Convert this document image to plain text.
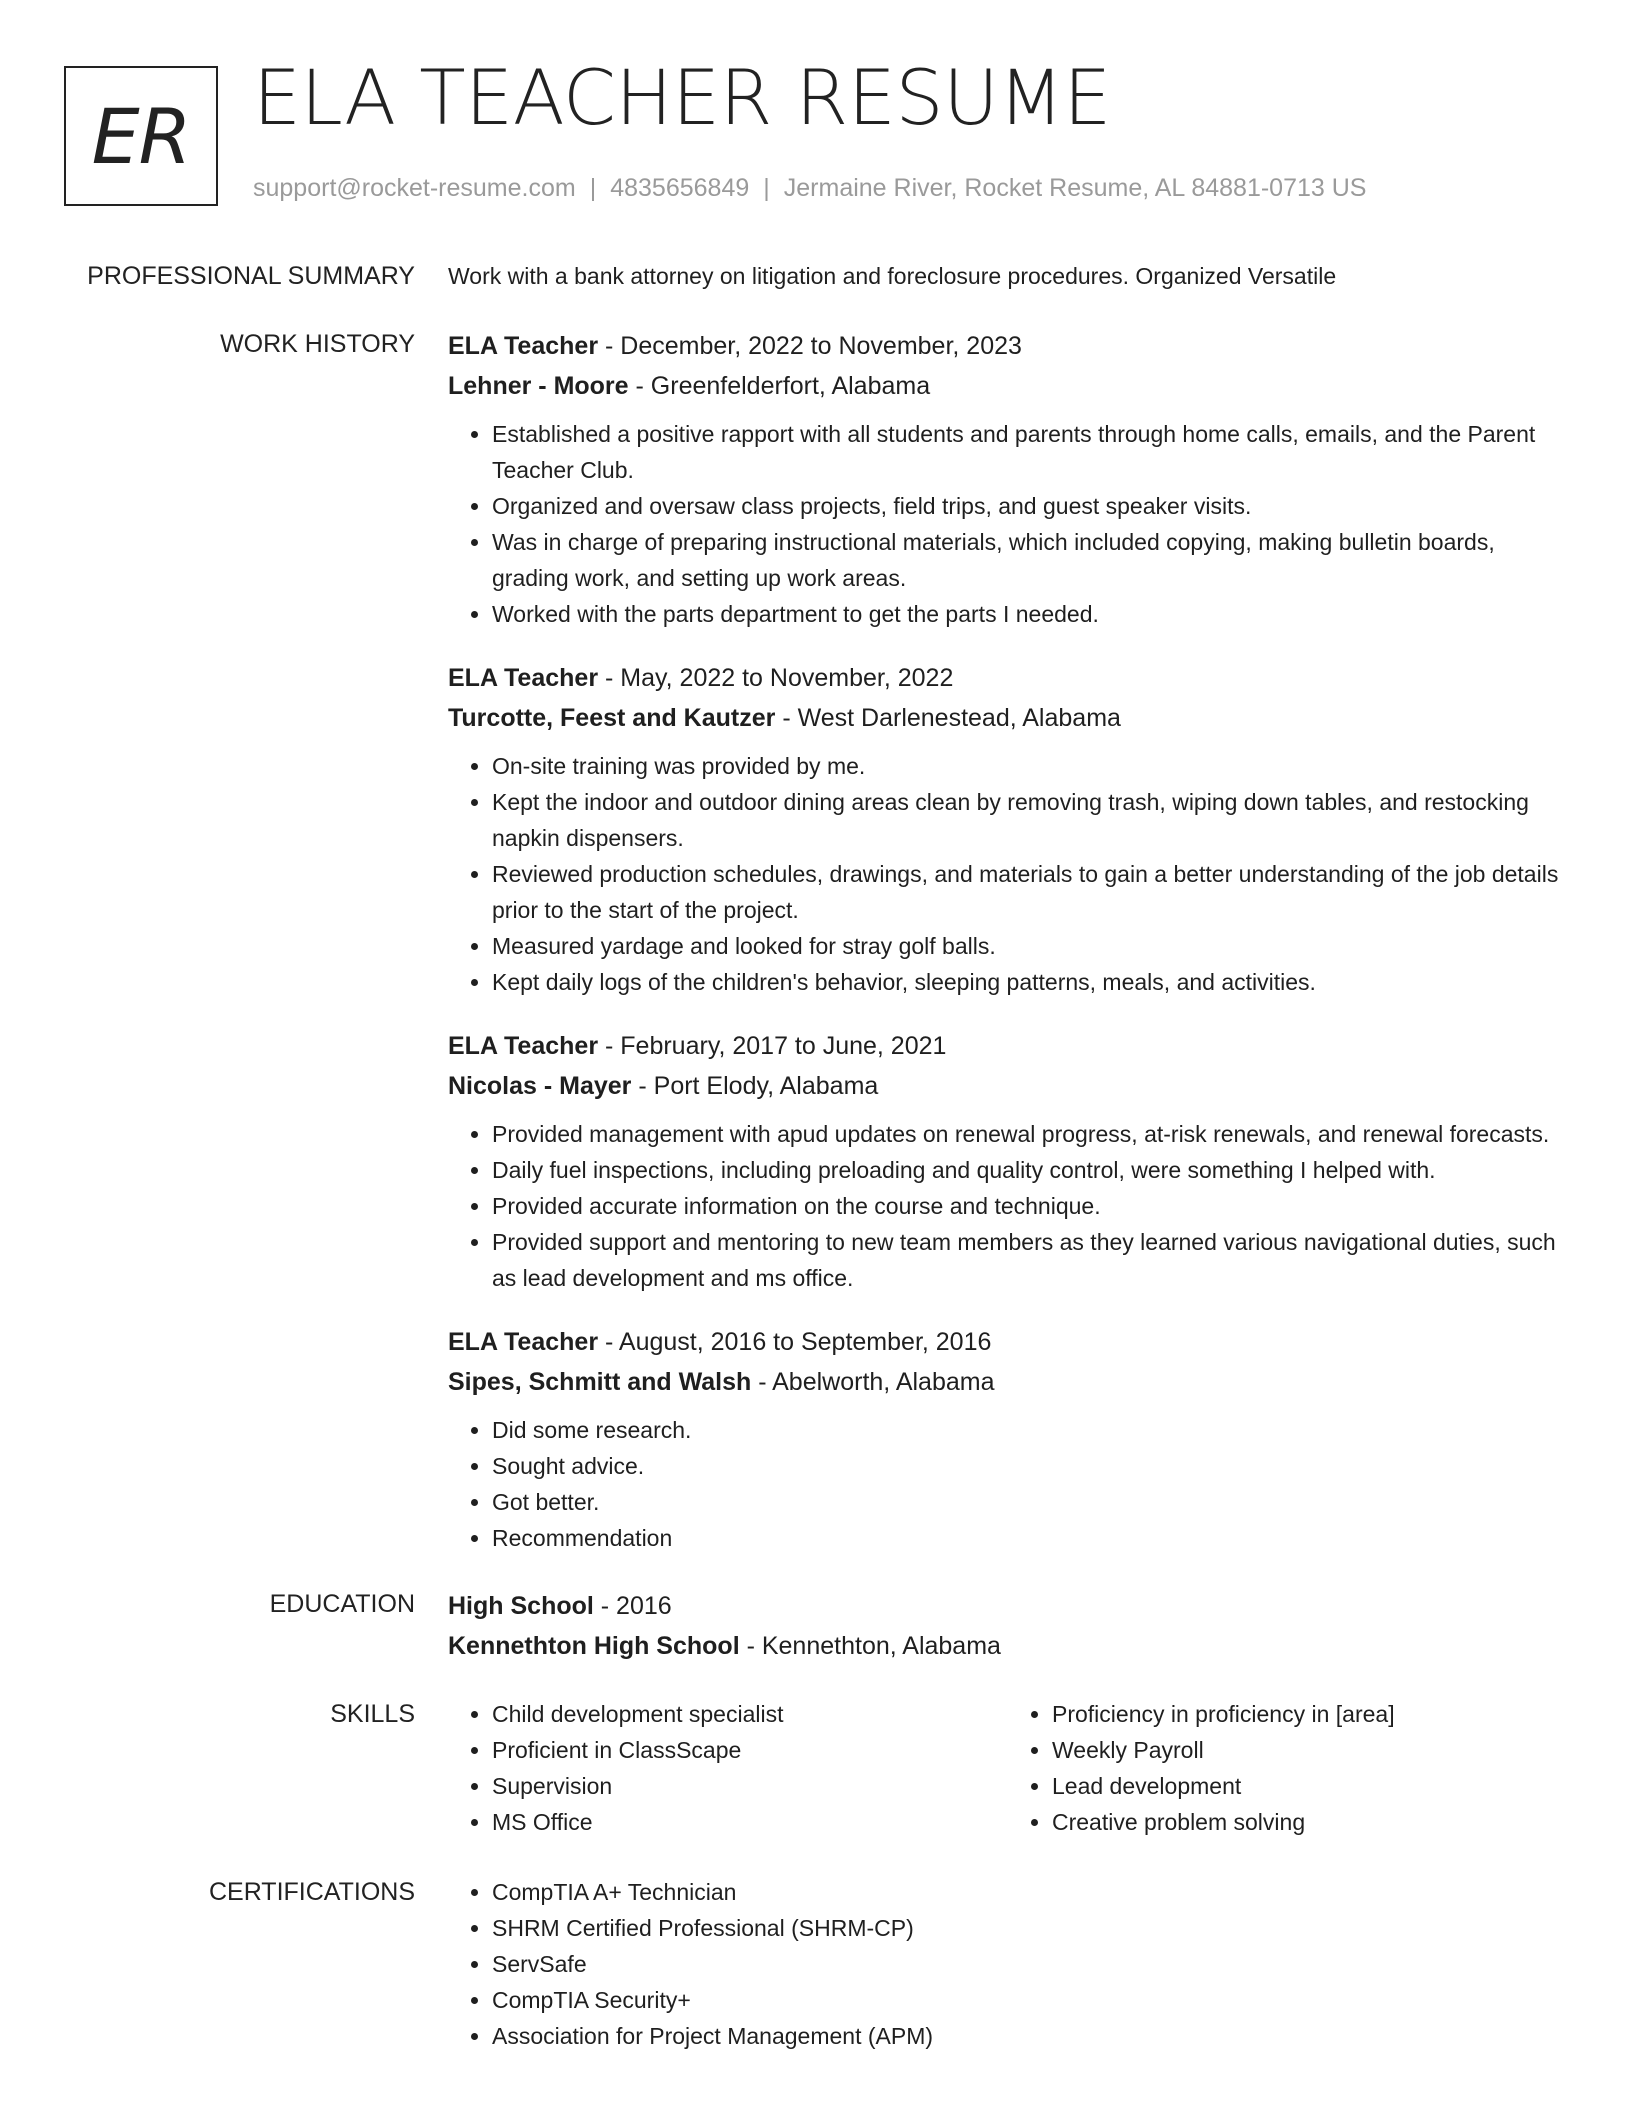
ER ELA TEACHER RESUME
support@rocket-resume.com | 4835656849 | Jermaine River, Rocket Resume, AL 84881-0713 US
PROFESSIONAL SUMMARY Work with a bank attorney on litigation and foreclosure procedures. Organized Versatile
WORK HISTORY ELA Teacher - December, 2022 to November, 2023
Lehner - Moore - Greenfelderfort, Alabama
• Established a positive rapport with all students and parents through home calls, emails, and the Parent Teacher Club.
• Organized and oversaw class projects, field trips, and guest speaker visits.
• Was in charge of preparing instructional materials, which included copying, making bulletin boards, grading work, and setting up work areas.
• Worked with the parts department to get the parts I needed.
ELA Teacher - May, 2022 to November, 2022
Turcotte, Feest and Kautzer - West Darlenestead, Alabama
• On-site training was provided by me.
• Kept the indoor and outdoor dining areas clean by removing trash, wiping down tables, and restocking napkin dispensers.
• Reviewed production schedules, drawings, and materials to gain a better understanding of the job details prior to the start of the project.
• Measured yardage and looked for stray golf balls.
• Kept daily logs of the children's behavior, sleeping patterns, meals, and activities.
ELA Teacher - February, 2017 to June, 2021
Nicolas - Mayer - Port Elody, Alabama
• Provided management with apud updates on renewal progress, at-risk renewals, and renewal forecasts.
• Daily fuel inspections, including preloading and quality control, were something I helped with.
• Provided accurate information on the course and technique.
• Provided support and mentoring to new team members as they learned various navigational duties, such as lead development and ms office.
ELA Teacher - August, 2016 to September, 2016
Sipes, Schmitt and Walsh - Abelworth, Alabama
• Did some research.
• Sought advice.
• Got better.
• Recommendation
EDUCATION High School - 2016
Kennethton High School - Kennethton, Alabama
SKILLS	• Child development specialist
• Proficient in ClassScape
• Supervision
• MS Office
• Proficiency in proficiency in [area]
• Weekly Payroll
• Lead development
• Creative problem solving
CERTIFICATIONS	• CompTIA A+ Technician
• SHRM Certified Professional (SHRM-CP)
• ServSafe
• CompTIA Security+
• Association for Project Management (APM)
